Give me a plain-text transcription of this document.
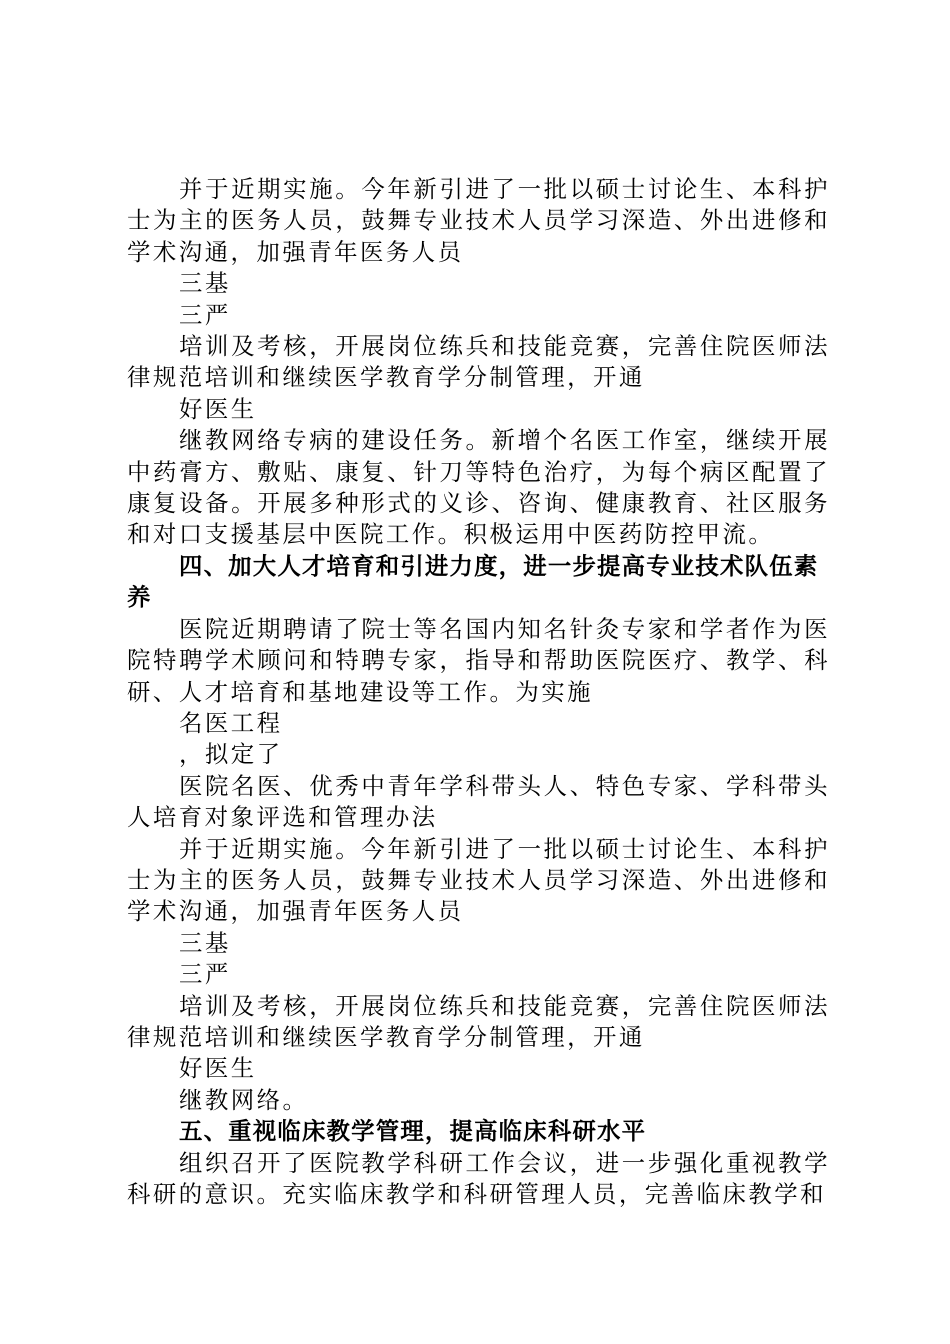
并于近期实施。今年新引进了一批以硕士讨论生、本科护士为主的医务人员，鼓舞专业技术人员学习深造、外出进修和学术沟通，加强青年医务人员

三基

三严

培训及考核，开展岗位练兵和技能竞赛，完善住院医师法律规范培训和继续医学教育学分制管理，开通

好医生

继教网络专病的建设任务。新增个名医工作室，继续开展中药膏方、敷贴、康复、针刀等特色治疗，为每个病区配置了康复设备。开展多种形式的义诊、咨询、健康教育、社区服务和对口支援基层中医院工作。积极运用中医药防控甲流。

四、加大人才培育和引进力度，进一步提高专业技术队伍素养

医院近期聘请了院士等名国内知名针灸专家和学者作为医院特聘学术顾问和特聘专家，指导和帮助医院医疗、教学、科研、人才培育和基地建设等工作。为实施

名医工程

，拟定了

医院名医、优秀中青年学科带头人、特色专家、学科带头人培育对象评选和管理办法

并于近期实施。今年新引进了一批以硕士讨论生、本科护士为主的医务人员，鼓舞专业技术人员学习深造、外出进修和学术沟通，加强青年医务人员

三基

三严

培训及考核，开展岗位练兵和技能竞赛，完善住院医师法律规范培训和继续医学教育学分制管理，开通

好医生

继教网络。

五、重视临床教学管理，提高临床科研水平

组织召开了医院教学科研工作会议，进一步强化重视教学科研的意识。充实临床教学和科研管理人员，完善临床教学和
